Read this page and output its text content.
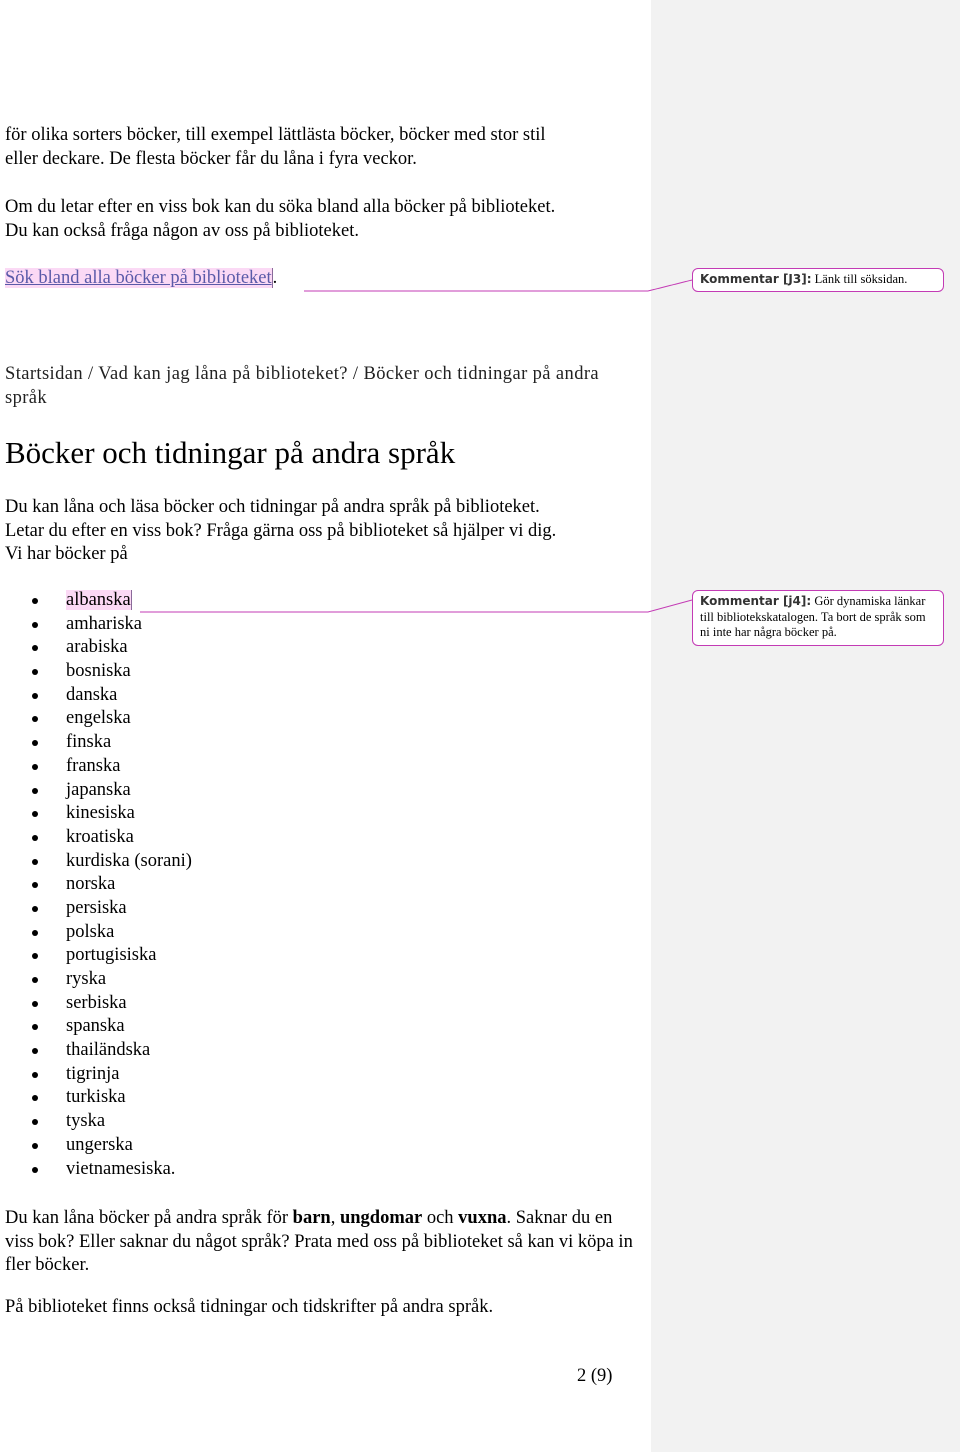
för olika sorters böcker, till exempel lättlästa böcker, böcker med stor stil
eller deckare. De flesta böcker får du låna i fyra veckor.
Om du letar efter en viss bok kan du söka bland alla böcker på biblioteket.
Du kan också fråga någon av oss på biblioteket.
Sök bland alla böcker på biblioteket.	Kommentar [J3]: Länk till söksidan.
Startsidan / Vad kan jag låna på biblioteket? / Böcker och tidningar på andra språk
Böcker och tidningar på andra språk
Du kan låna och läsa böcker och tidningar på andra språk på biblioteket.
Letar du efter en viss bok? Fråga gärna oss på biblioteket så hjälper vi dig.
Vi har böcker på
albanska
amhariska
arabiska
bosniska
danska
engelska
finska
franska
japanska
kinesiska
kroatiska
kurdiska (sorani)
norska
persiska
polska
portugisiska
ryska
serbiska
spanska
thailändska
tigrinja
turkiska
tyska
ungerska
vietnamesiska.
Kommentar [j4]: Gör dynamiska länkar till bibliotekskatalogen. Ta bort de språk som ni inte har några böcker på.
Du kan låna böcker på andra språk för barn, ungdomar och vuxna. Saknar du en viss bok? Eller saknar du något språk? Prata med oss på biblioteket så kan vi köpa in fler böcker.
På biblioteket finns också tidningar och tidskrifter på andra språk.
2 (9)
